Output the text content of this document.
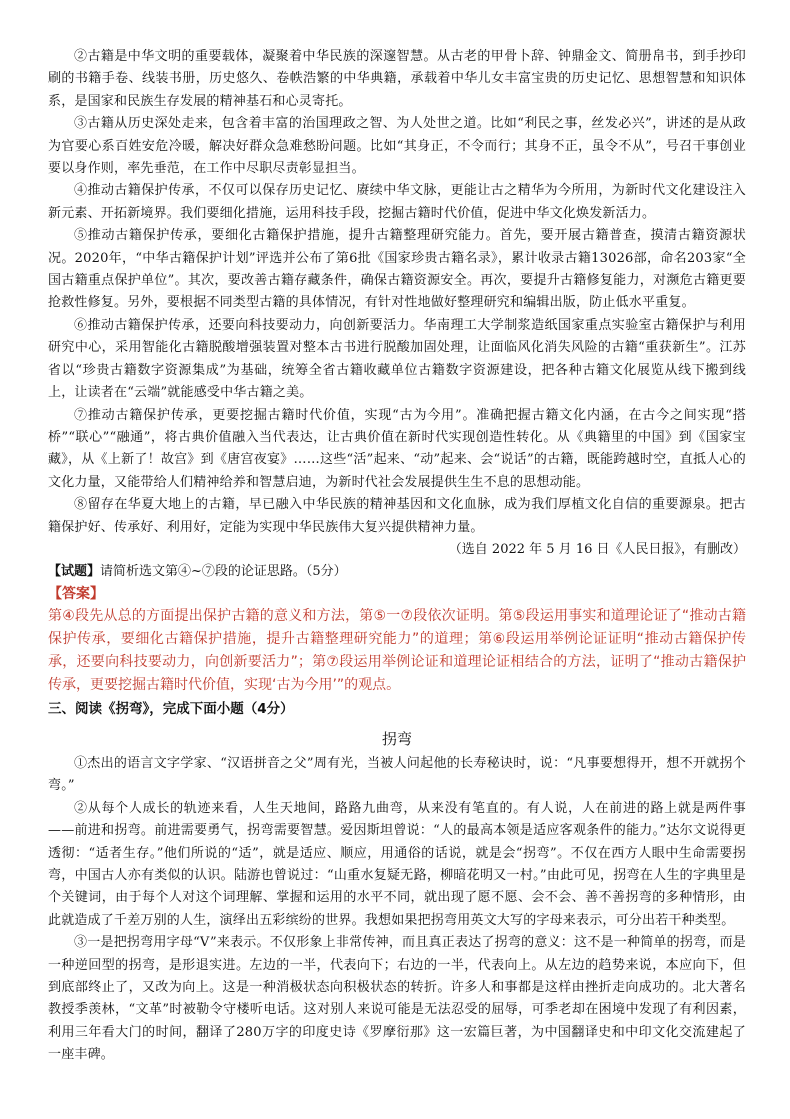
②古籍是中华文明的重要载体，凝聚着中华民族的深邃智慧。从古老的甲骨卜辞、钟鼎金文、简册帛书，到手抄印刷的书籍手卷、线装书册，历史悠久、卷帙浩繁的中华典籍，承载着中华儿女丰富宝贵的历史记忆、思想智慧和知识体系，是国家和民族生存发展的精神基石和心灵寄托。

③古籍从历史深处走来，包含着丰富的治国理政之智、为人处世之道。比如“利民之事，丝发必兴”，讲述的是从政为官要心系百姓安危冷暖，解决好群众急难愁盼问题。比如“其身正，不令而行；其身不正，虽令不从”，号召干事创业要以身作则，率先垂范，在工作中尽职尽责彰显担当。

④推动古籍保护传承，不仅可以保存历史记忆、赓续中华文脉，更能让古之精华为今所用，为新时代文化建设注入新元素、开拓新境界。我们要细化措施，运用科技手段，挖掘古籍时代价值，促进中华文化焕发新活力。

⑤推动古籍保护传承，要细化古籍保护措施，提升古籍整理研究能力。首先，要开展古籍普查，摸清古籍资源状况。2020年，“中华古籍保护计划”评选并公布了第6批《国家珍贵古籍名录》，累计收录古籍13026部，命名203家“全国古籍重点保护单位”。其次，要改善古籍存藏条件，确保古籍资源安全。再次，要提升古籍修复能力，对濒危古籍更要抢救性修复。另外，要根据不同类型古籍的具体情况，有针对性地做好整理研究和编辑出版，防止低水平重复。

⑥推动古籍保护传承，还要向科技要动力，向创新要活力。华南理工大学制浆造纸国家重点实验室古籍保护与利用研究中心，采用智能化古籍脱酸增强装置对整本古书进行脱酸加固处理，让面临风化消失风险的古籍“重获新生”。江苏省以“珍贵古籍数字资源集成”为基础，统筹全省古籍收藏单位古籍数字资源建设，把各种古籍文化展览从线下搬到线上，让读者在“云端”就能感受中华古籍之美。

⑦推动古籍保护传承，更要挖掘古籍时代价值，实现“古为今用”。准确把握古籍文化内涵，在古今之间实现“搭桥”“联心”“融通”，将古典价值融入当代表达，让古典价值在新时代实现创造性转化。从《典籍里的中国》到《国家宝藏》，从《上新了！故宫》到《唐宫夜宴》……这些“活”起来、“动”起来、会“说话”的古籍，既能跨越时空，直抵人心的文化力量，又能带给人们精神给养和智慧启迪，为新时代社会发展提供生生不息的思想动能。

⑧留存在华夏大地上的古籍，早已融入中华民族的精神基因和文化血脉，成为我们厚植文化自信的重要源泉。把古籍保护好、传承好、利用好，定能为实现中华民族伟大复兴提供精神力量。

（选自 2022 年 5 月 16 日《人民日报》，有删改）

【试题】请简析选文第④~⑦段的论证思路。（5分）

【答案】

第④段先从总的方面提出保护古籍的意义和方法，第⑤一⑦段依次证明。第⑤段运用事实和道理论证了“推动古籍保护传承，要细化古籍保护措施，提升古籍整理研究能力”的道理；第⑥段运用举例论证证明“推动古籍保护传承，还要向科技要动力，向创新要活力”；第⑦段运用举例论证和道理论证相结合的方法，证明了“推动古籍保护传承，更要挖掘古籍时代价值，实现‘古为今用’”的观点。

三、阅读《拐弯》，完成下面小题（4分）

拐弯

①杰出的语言文字学家、“汉语拼音之父”周有光，当被人问起他的长寿秘诀时，说：“凡事要想得开，想不开就拐个弯。”

②从每个人成长的轨迹来看，人生天地间，路路九曲弯，从来没有笔直的。有人说，人在前进的路上就是两件事——前进和拐弯。前进需要勇气，拐弯需要智慧。爱因斯坦曾说：“人的最高本领是适应客观条件的能力。”达尔文说得更透彻：“适者生存。”他们所说的“适”，就是适应、顺应，用通俗的话说，就是会“拐弯”。不仅在西方人眼中生命需要拐弯，中国古人亦有类似的认识。陆游也曾说过：“山重水复疑无路，柳暗花明又一村。”由此可见，拐弯在人生的字典里是个关键词，由于每个人对这个词理解、掌握和运用的水平不同，就出现了愿不愿、会不会、善不善拐弯的多种情形，由此就造成了千差万别的人生，演绎出五彩缤纷的世界。我想如果把拐弯用英文大写的字母来表示，可分出若干种类型。

③一是把拐弯用字母“V”来表示。不仅形象上非常传神，而且真正表达了拐弯的意义：这不是一种简单的拐弯，而是一种逆回型的拐弯，是形退实进。左边的一半，代表向下；右边的一半，代表向上。从左边的趋势来说，本应向下，但到底部终止了，又改为向上。这是一种消极状态向积极状态的转折。许多人和事都是这样由挫折走向成功的。北大著名教授季羡林，“文革”时被勒令守楼听电话。这对别人来说可能是无法忍受的屈辱，可季老却在困境中发现了有利因素，利用三年看大门的时间，翻译了280万字的印度史诗《罗摩衍那》这一宏篇巨著，为中国翻译史和中印文化交流建起了一座丰碑。
